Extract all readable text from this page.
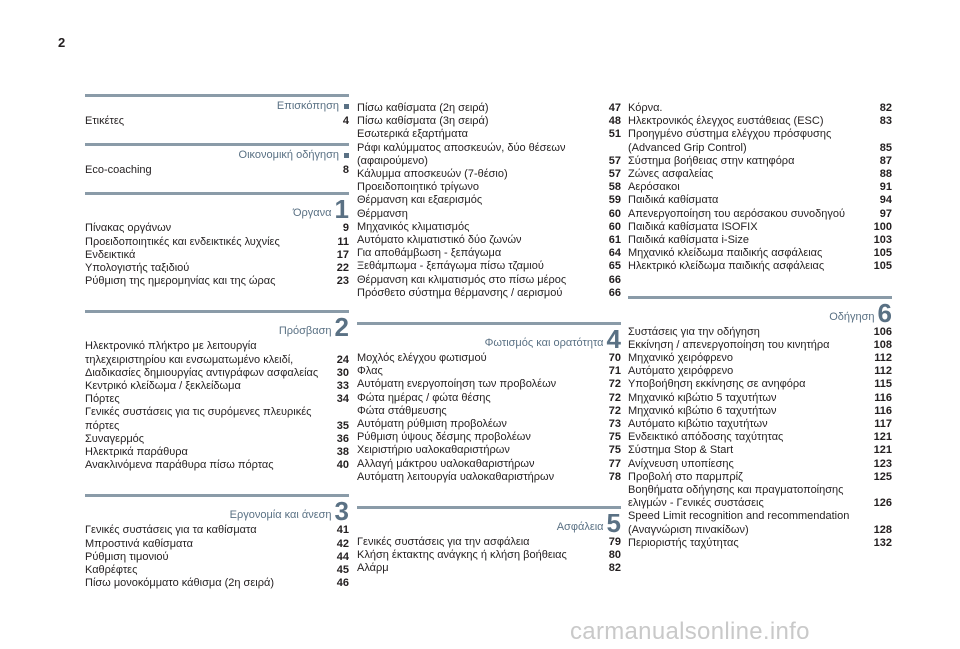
2
Επισκόπηση
Ετικέτες	4
Οικονομική οδήγηση
Eco-coaching	8
Όργανα 1
Πίνακας οργάνων	9
Προειδοποιητικές και ενδεικτικές λυχνίες	11
Ενδεικτικά	17
Υπολογιστής ταξιδιού	22
Ρύθμιση της ημερομηνίας και της ώρας	23
Πρόσβαση 2
Ηλεκτρονικό πλήκτρο με λειτουργία τηλεχειριστηρίου και ενσωματωμένο κλειδί,	24
Διαδικασίες δημιουργίας αντιγράφων ασφαλείας	30
Κεντρικό κλείδωμα / ξεκλείδωμα	33
Πόρτες	34
Γενικές συστάσεις για τις συρόμενες πλευρικές πόρτες	35
Συναγερμός	36
Ηλεκτρικά παράθυρα	38
Ανακλινόμενα παράθυρα πίσω πόρτας	40
Εργονομία και άνεση 3
Γενικές συστάσεις για τα καθίσματα	41
Μπροστινά καθίσματα	42
Ρύθμιση τιμονιού	44
Καθρέφτες	45
Πίσω μονοκόμματο κάθισμα (2η σειρά)	46
Πίσω καθίσματα (2η σειρά)	47
Πίσω καθίσματα (3η σειρά)	48
Εσωτερικά εξαρτήματα	51
Ράφι καλύμματος αποσκευών, δύο θέσεων (αφαιρούμενο)	57
Κάλυμμα αποσκευών (7-θέσιο)	57
Προειδοποιητικό τρίγωνο	58
Θέρμανση και εξαερισμός	59
Θέρμανση	60
Μηχανικός κλιματισμός	60
Αυτόματο κλιματιστικό δύο ζωνών	61
Για αποθάμβωση - ξεπάγωμα	64
Ξεθάμπωμα - ξεπάγωμα πίσω τζαμιού	65
Θέρμανση και κλιματισμός στο πίσω μέρος	66
Πρόσθετο σύστημα θέρμανσης / αερισμού	66
Φωτισμός και ορατότητα 4
Μοχλός ελέγχου φωτισμού	70
Φλας	71
Αυτόματη ενεργοποίηση των προβολέων	72
Φώτα ημέρας / φώτα θέσης	72
Φώτα στάθμευσης	72
Αυτόματη ρύθμιση προβολέων	73
Ρύθμιση ύψους δέσμης προβολέων	75
Χειριστήριο υαλοκαθαριστήρων	75
Αλλαγή μάκτρου υαλοκαθαριστήρων	77
Αυτόματη λειτουργία υαλοκαθαριστήρων	78
Ασφάλεια 5
Γενικές συστάσεις για την ασφάλεια	79
Κλήση έκτακτης ανάγκης ή κλήση βοήθειας	80
Αλάρμ	82
Κόρνα.	82
Ηλεκτρονικός έλεγχος ευστάθειας (ESC)	83
Προηγμένο σύστημα ελέγχου πρόσφυσης (Advanced Grip Control)	85
Σύστημα βοήθειας στην κατηφόρα	87
Ζώνες ασφαλείας	88
Αερόσακοι	91
Παιδικά καθίσματα	94
Απενεργοποίηση του αερόσακου συνοδηγού	97
Παιδικά καθίσματα ISOFIX	100
Παιδικά καθίσματα i-Size	103
Μηχανικό κλείδωμα παιδικής ασφάλειας	105
Ηλεκτρικό κλείδωμα παιδικής ασφάλειας	105
Οδήγηση 6
Συστάσεις για την οδήγηση	106
Εκκίνηση / απενεργοποίηση του κινητήρα	108
Μηχανικό χειρόφρενο	112
Αυτόματο χειρόφρενο	112
Υποβοήθηση εκκίνησης σε ανηφόρα	115
Μηχανικό κιβώτιο 5 ταχυτήτων	116
Μηχανικό κιβώτιο 6 ταχυτήτων	116
Αυτόματο κιβώτιο ταχυτήτων	117
Ενδεικτικό απόδοσης ταχύτητας	121
Σύστημα Stop & Start	121
Ανίχνευση υποπίεσης	123
Προβολή στο παρμπρίζ	125
Βοηθήματα οδήγησης και πραγματοποίησης ελιγμών - Γενικές συστάσεις	126
Speed Limit recognition and recommendation (Αναγνώριση πινακίδων)	128
Περιοριστής ταχύτητας	132
carmanualsonline.info
